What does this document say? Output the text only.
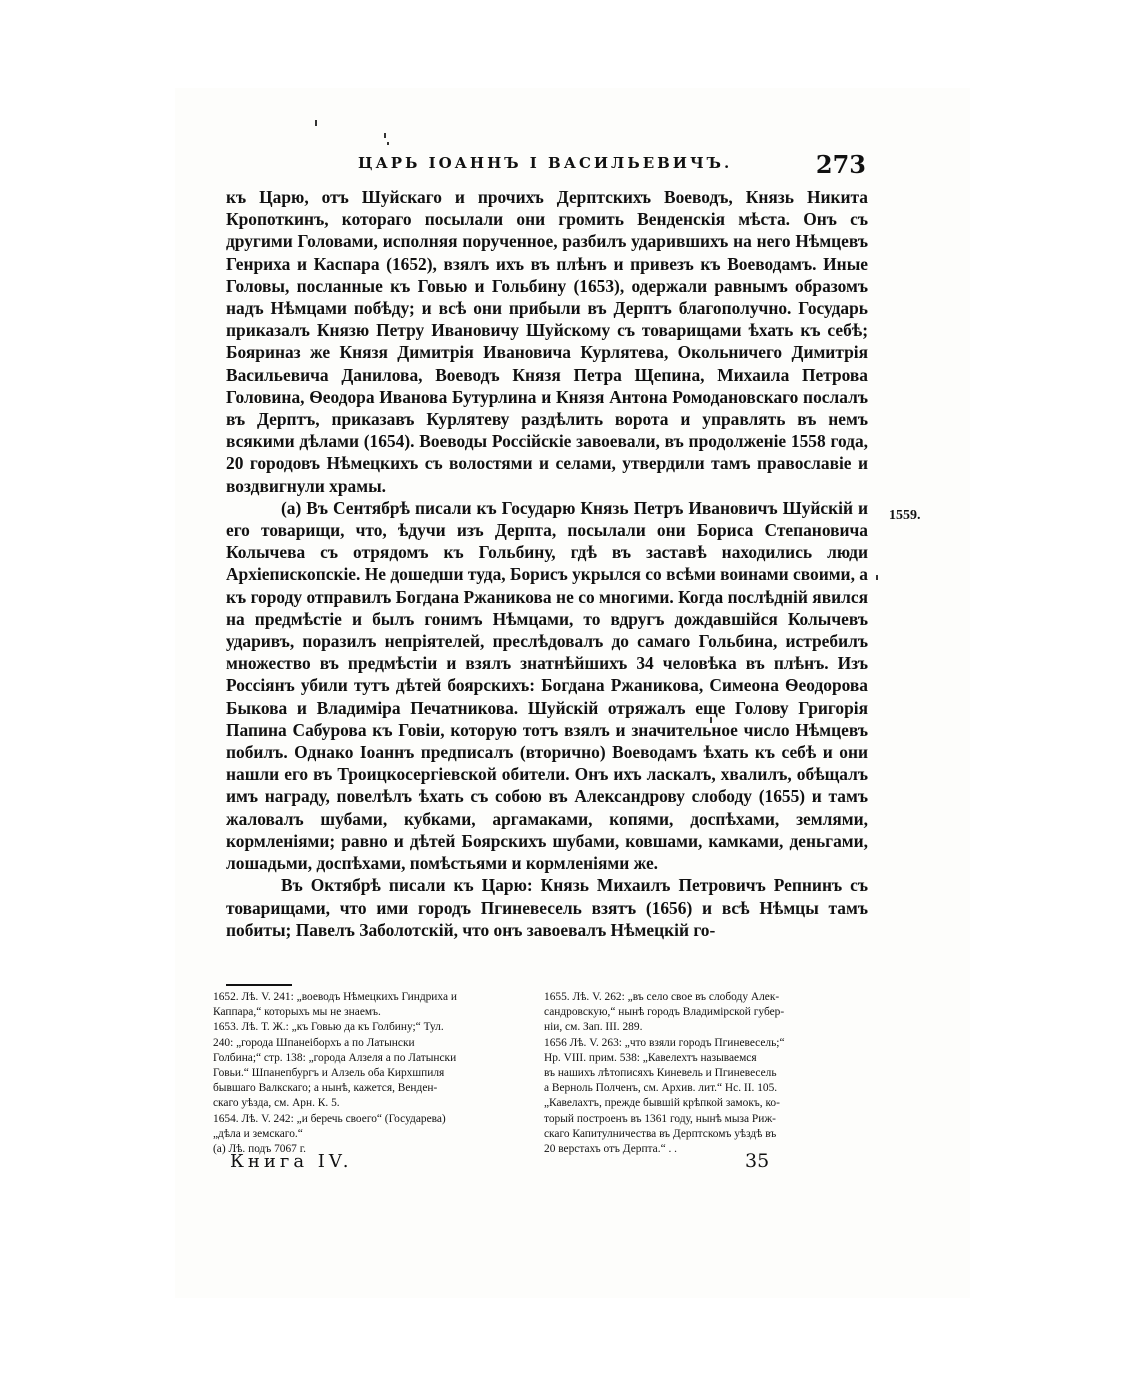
ЦАРЬ ІОАННЪ І ВАСИЛЬЕВИЧЪ.	273

къ Царю, отъ Шуйскаго и прочихъ Дерптскихъ Воеводъ, Князь Никита Кропоткинъ, котораго посылали они громить Венденскія мѣста. Онъ съ другими Головами, исполняя порученное, разбилъ ударившихъ на него Нѣмцевъ Генриха и Каспара (1652), взялъ ихъ въ плѣнъ и привезъ къ Воеводамъ. Иные Головы, посланные къ Говью и Гольбину (1653), одержали равнымъ образомъ надъ Нѣмцами побѣду; и всѣ они прибыли въ Дерптъ благополучно. Государь приказалъ Князю Петру Ивановичу Шуйскому съ товарищами ѣхать къ себѣ; Бояриназ же Князя Димитрія Ивановича Курлятева, Окольничего Димитрія Васильевича Данилова, Воеводъ Князя Петра Щепина, Михаила Петрова Головина, Ѳеодора Иванова Бутурлина и Князя Антона Ромодановскаго послалъ въ Дерптъ, приказавъ Курлятеву раздѣлить ворота и управлять въ немъ всякими дѣлами (1654). Воеводы Россійскіе завоевали, въ продолженіе 1558 года, 20 городовъ Нѣмецкихъ съ волостями и селами, утвердили тамъ православіе и воздвигнули храмы.

(a) Въ Сентябрѣ писали къ Государю Князь Петръ Ивановичъ Шуйскій и его товарищи, что, ѣдучи изъ Дерпта, посылали они Бориса Степановича Колычева съ отрядомъ къ Гольбину, гдѣ въ заставѣ находились люди Архіепископскіе. Не дошедши туда, Борисъ укрылся со всѣми воинами своими, а къ городу отправилъ Богдана Ржаникова не со многими. Когда послѣдній явился на предмѣстіе и былъ гонимъ Нѣмцами, то вдругъ дождавшійся Колычевъ ударивъ, поразилъ непріятелей, преслѣдовалъ до самаго Гольбина, истребилъ множество въ предмѣстіи и взялъ знатнѣйшихъ 34 человѣка въ плѣнъ. Изъ Россіянъ убили тутъ дѣтей боярскихъ: Богдана Ржаникова, Симеона Ѳеодорова Быкова и Владиміра Печатникова. Шуйскій отряжалъ еще Голову Григорія Папина Сабурова къ Говіи, которую тотъ взялъ и значительное число Нѣмцевъ побилъ. Однако Іоаннъ предписалъ (вторично) Воеводамъ ѣхать къ себѣ и они нашли его въ Троицкосергіевской обители. Онъ ихъ ласкалъ, хвалилъ, обѣщалъ имъ награду, повелѣлъ ѣхать съ собою въ Александрову слободу (1655) и тамъ жаловалъ шубами, кубками, аргамаками, копями, доспѣхами, землями, кормленіями; равно и дѣтей Боярскихъ шубами, ковшами, камками, деньгами, лошадьми, доспѣхами, помѣстьями и кормленіями же.

Въ Октябрѣ писали къ Царю: Князь Михаилъ Петровичъ Репнинъ съ товарищами, что ими городъ Пгиневесель взятъ (1656) и всѣ Нѣмцы тамъ побиты; Павелъ Заболотскій, что онъ завоевалъ Нѣмецкій го-

1559.
1652. Лѣ. V. 241: „воеводъ Нѣмецкихъ Гиндриха и
Каппара,“ которыхъ мы не знаемъ.
1653. Лѣ. Т. Ж.: „къ Говью да къ Голбину;“ Тул.
240: „города Шпанеіборхъ а по Латынски
Голбина;“ стр. 138: „города Алзеля а по Латынски
Говьи.“ Шпанепбургъ и Алзель оба Кирхшпиля
бывшаго Валкскаго; а нынѣ, кажется, Венден-
скаго уѣзда, см. Арн. К. 5.
1654. Лѣ. V. 242: „и беречь своего“ (Государева)
„дѣла и земскаго.“
(а) Лѣ. подъ 7067 г.
1655. Лѣ. V. 262: „въ село свое въ слободу Алек-
сандровскую,“ нынѣ городъ Владимірской губер-
ніи, см. Зап. III. 289.
1656 Лѣ. V. 263: „что взяли городъ Пгиневесель;“
Нр. VIII. прим. 538: „Кавелехтъ называемся
въ нашихъ лѣтописяхъ Киневель и Пгиневесель
а Верноль Полченъ, см. Архив. лит.“ Нс. II. 105.
„Кавелахтъ, прежде бывшій крѣпкой замокъ, ко-
торый построенъ въ 1361 году, нынѣ мыза Риж-
скаго Капитулничества въ Дерптскомъ уѣздѣ въ
20 верстахъ отъ Дерпта.“ . .
Книга IV.	35
